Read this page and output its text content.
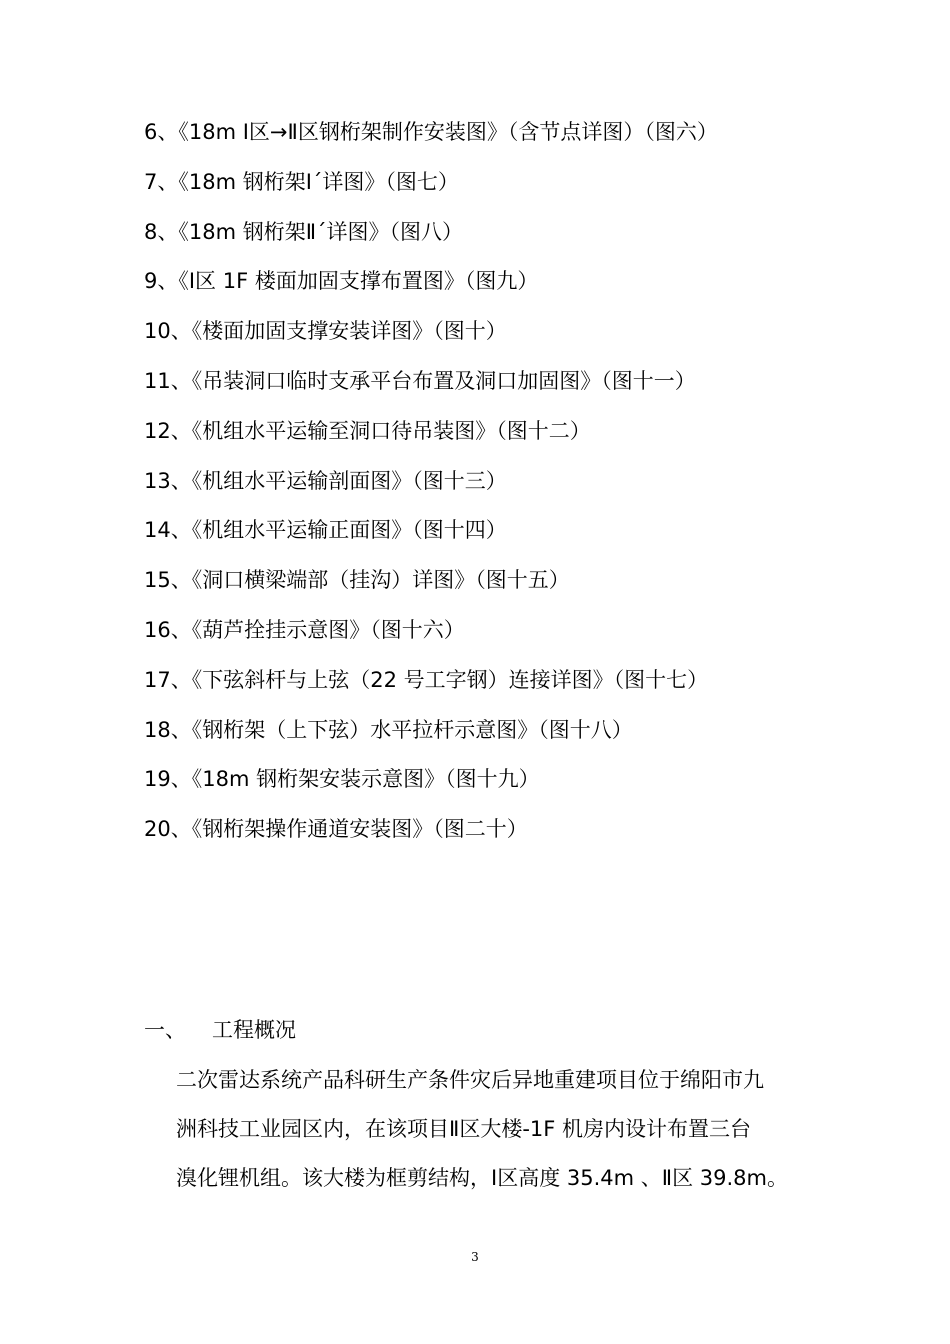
6、《18m Ⅰ区→Ⅱ区钢桁架制作安装图》（含节点详图）（图六）
7、《18m 钢桁架Ⅰ´详图》（图七）
8、《18m 钢桁架Ⅱ´详图》（图八）
9、《Ⅰ区 1F 楼面加固支撑布置图》（图九）
10、《楼面加固支撑安装详图》（图十）
11、《吊装洞口临时支承平台布置及洞口加固图》（图十一）
12、《机组水平运输至洞口待吊装图》（图十二）
13、《机组水平运输剖面图》（图十三）
14、《机组水平运输正面图》（图十四）
15、《洞口横梁端部（挂沟）详图》（图十五）
16、《葫芦拴挂示意图》（图十六）
17、《下弦斜杆与上弦（22 号工字钢）连接详图》（图十七）
18、《钢桁架（上下弦）水平拉杆示意图》（图十八）
19、《18m 钢桁架安装示意图》（图十九）
20、《钢桁架操作通道安装图》（图二十）
一、 工程概况
二次雷达系统产品科研生产条件灾后异地重建项目位于绵阳市九
洲科技工业园区内，在该项目Ⅱ区大楼-1F 机房内设计布置三台
溴化锂机组。该大楼为框剪结构，Ⅰ区高度 35.4m 、Ⅱ区 39.8m。
3
